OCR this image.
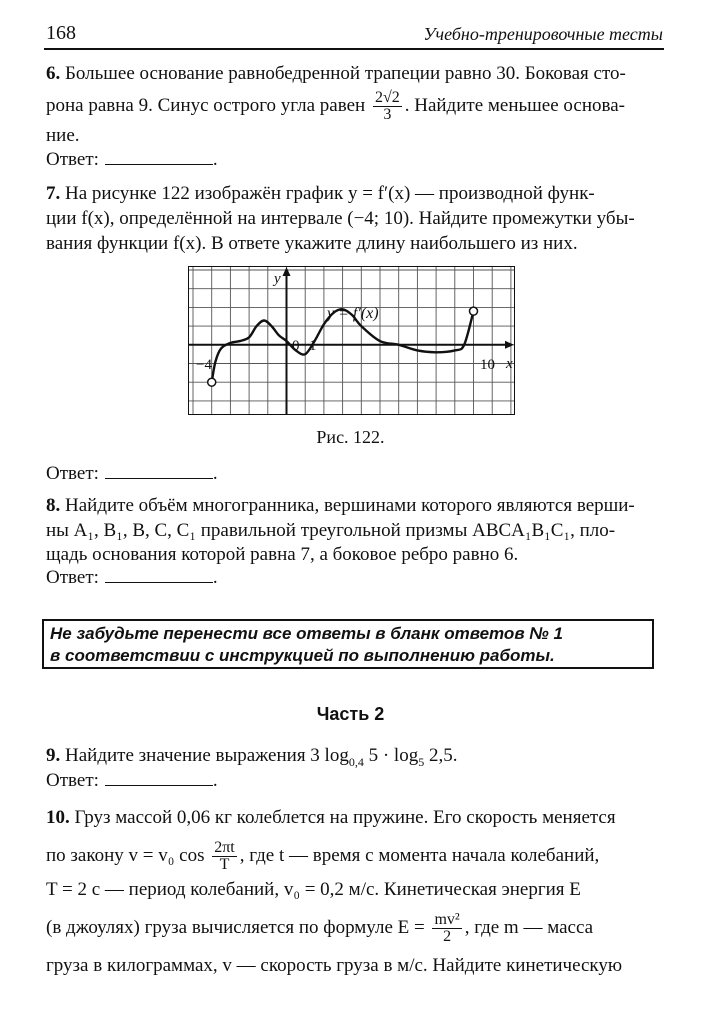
168	Учебно-тренировочные тесты
6. Большее основание равнобедренной трапеции равно 30. Боковая сто-
рона равна 9. Синус острого угла равен $\frac{2√2}{3}$ . Найдите меньшее основа-
ние.
Ответ:	.
7. На рисунке 122 изображён график y = f′(x) — производной функ-
ции f(x), определённой на интервале (−4; 10). Найдите промежутки убы-
вания функции f(x). В ответе укажите длину наибольшего из них.
y = f′(x)
y
x
0 1
−4	10
Рис. 122.
Ответ:	.
8. Найдите объём многогранника, вершинами которого являются верши-
ны A₁, B₁, B, C, C₁ правильной треугольной призмы ABCA₁B₁C₁, пло-
щадь основания которой равна 7, а боковое ребро равно 6.
Ответ:	.
Не забудьте перенести все ответы в бланк ответов № 1
в соответствии с инструкцией по выполнению работы.
Часть 2
9. Найдите значение выражения 3 $\log_{0,4} 5 \cdot \log_5 2,5$.
Ответ:	.
10. Груз массой 0,06 кг колеблется на пружине. Его скорость меняется
по закону v = v₀ $\cos \frac{2\pi t}{T}$ , где t — время с момента начала колебаний,
T = 2 с — период колебаний, v₀ = 0,2 м/с. Кинетическая энергия E
(в джоулях) груза вычисляется по формуле $E = \frac{\text{mv²}}{2}$ , где m — масса
груза в килограммах, v — скорость груза в м/с. Найдите кинетическую
